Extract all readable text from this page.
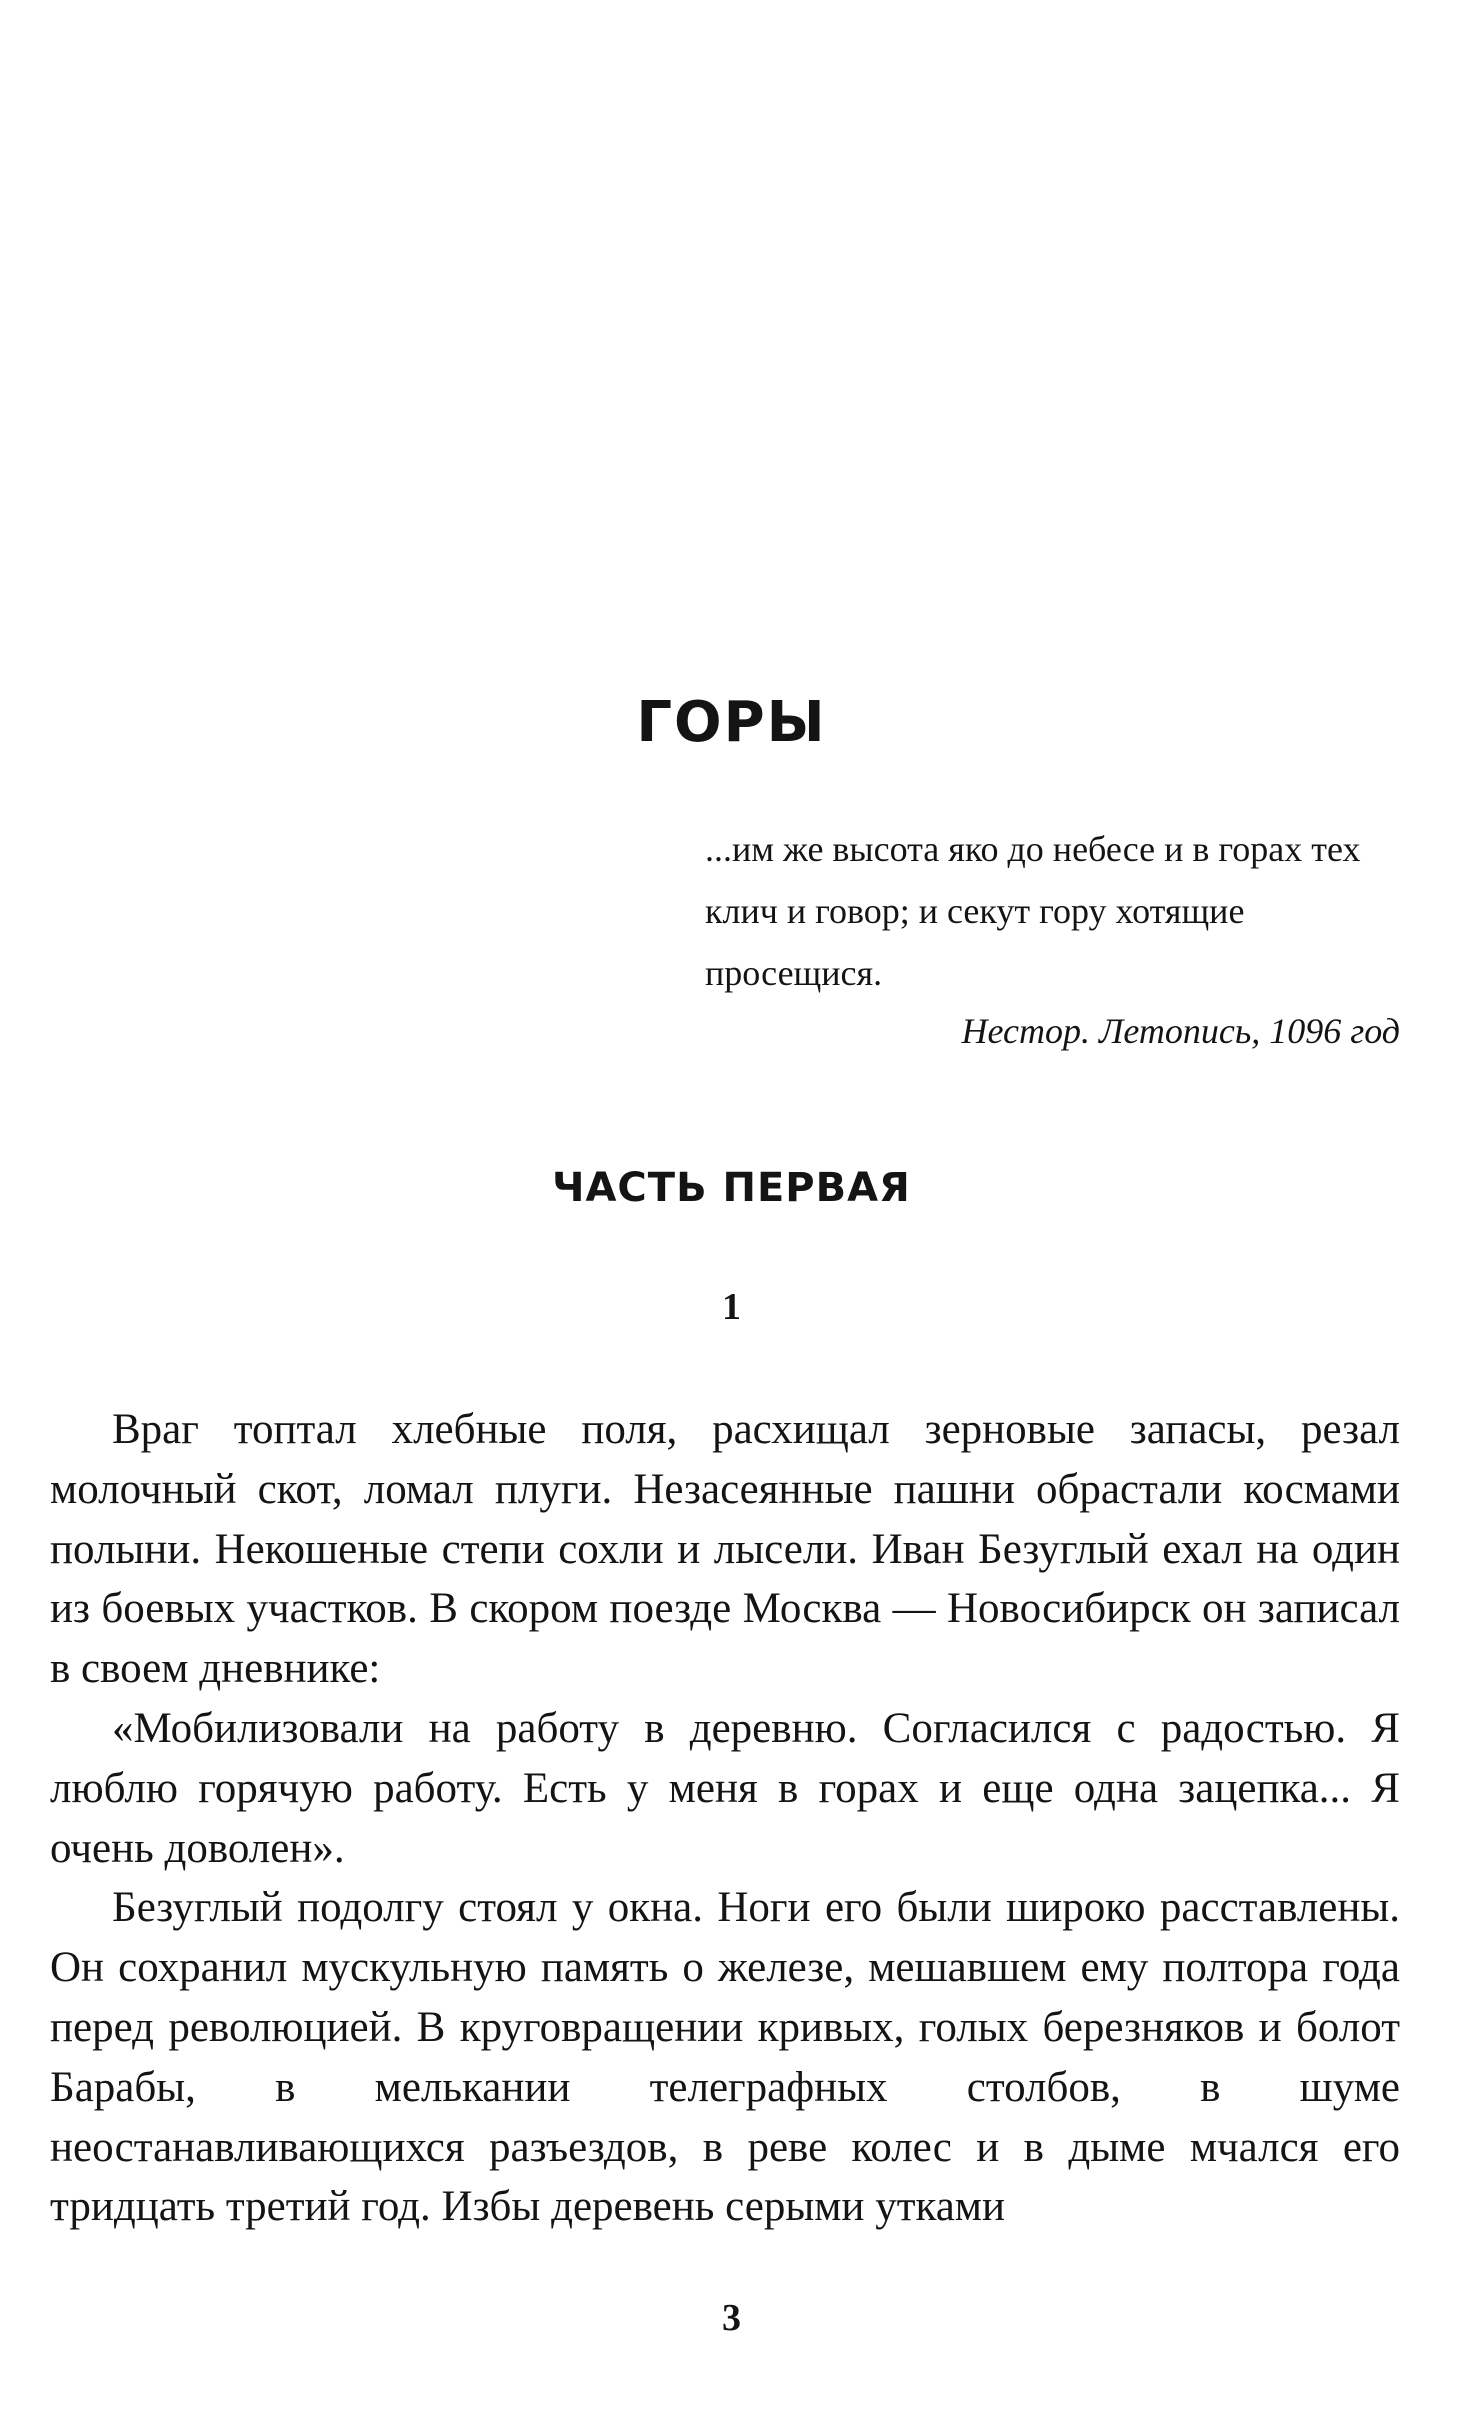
ГОРЫ

...им же высота яко до небесе и в горах тех клич и говор; и секут гору хотящие просещися.

Нестор. Летопись, 1096 год

ЧАСТЬ ПЕРВАЯ
1

Враг топтал хлебные поля, расхищал зерновые запасы, резал молочный скот, ломал плуги. Незасеянные пашни обрастали космами полыни. Некошеные степи сохли и лысели. Иван Безуглый ехал на один из боевых участков. В скором поезде Москва — Новосибирск он записал в своем дневнике:

«Мобилизовали на работу в деревню. Согласился с радостью. Я люблю горячую работу. Есть у меня в горах и еще одна зацепка... Я очень доволен».

Безуглый подолгу стоял у окна. Ноги его были широко расставлены. Он сохранил мускульную память о железе, мешавшем ему полтора года перед революцией. В круговращении кривых, голых березняков и болот Барабы, в мелькании телеграфных столбов, в шуме неостанавливающихся разъездов, в реве колес и в дыме мчался его тридцать третий год. Избы деревень серыми утками

3
